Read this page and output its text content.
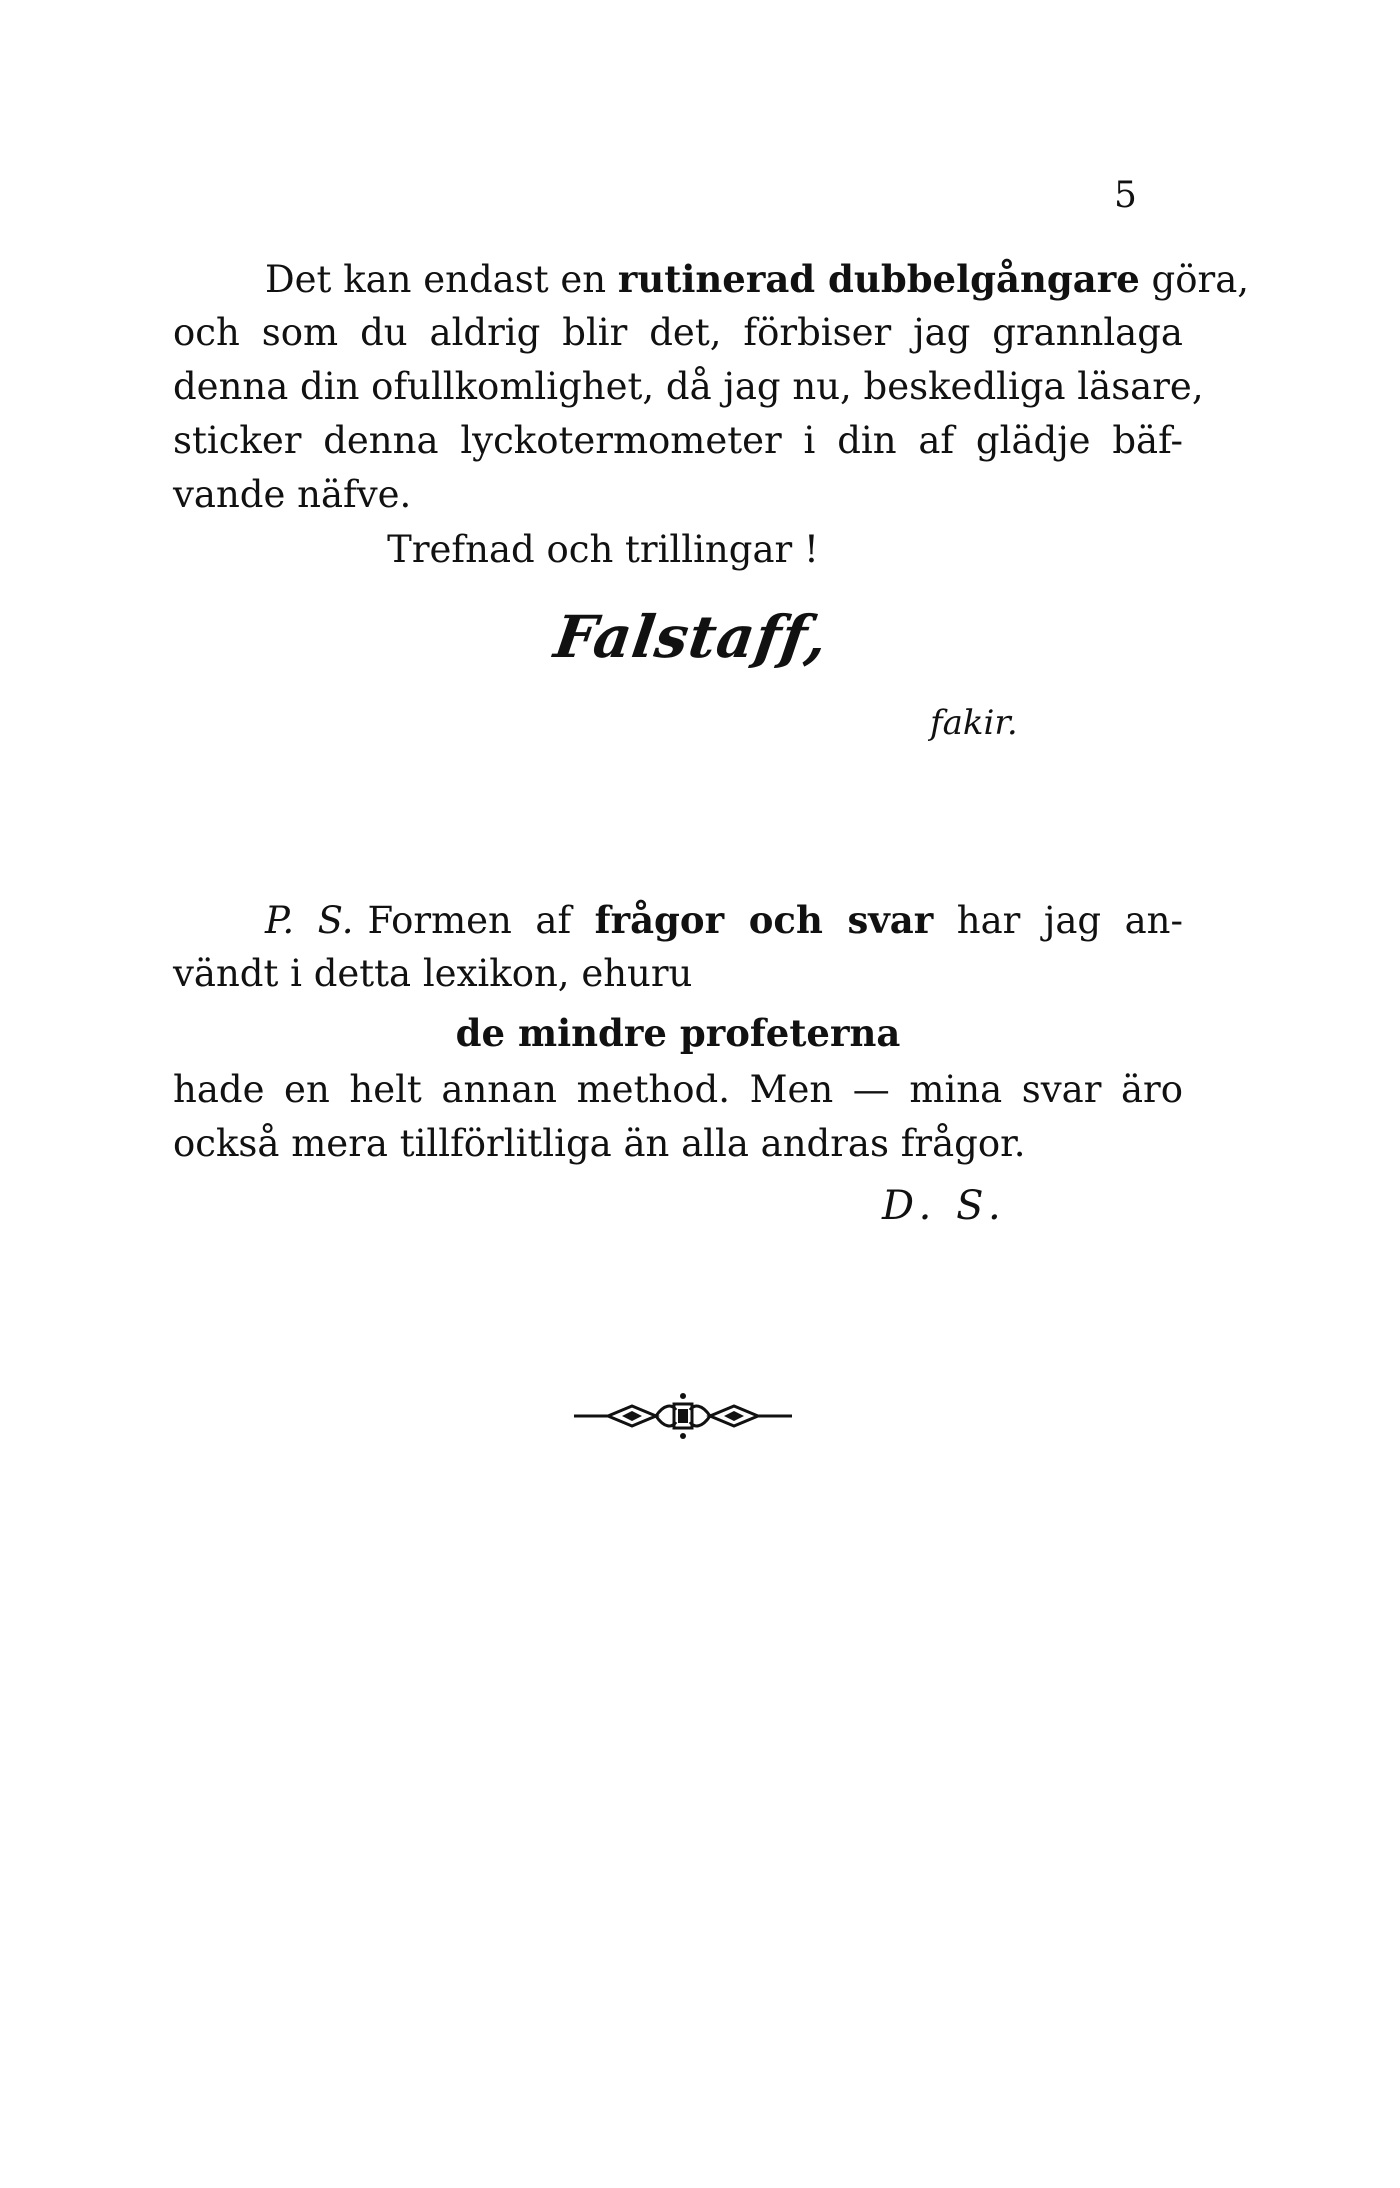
5
Det kan endast en rutinerad dubbelgångare göra,
och som du aldrig blir det, förbiser jag grannlaga
denna din ofullkomlighet, då jag nu, beskedliga läsare,
sticker denna lyckotermometer i din af glädje bäf-
vande näfve.
Trefnad och trillingar !
Falstaff,
fakir.
P. S. Formen af frågor och svar har jag an-
vändt i detta lexikon, ehuru
de mindre profeterna
hade en helt annan method. Men — mina svar äro
också mera tillförlitliga än alla andras frågor.
D. S.
